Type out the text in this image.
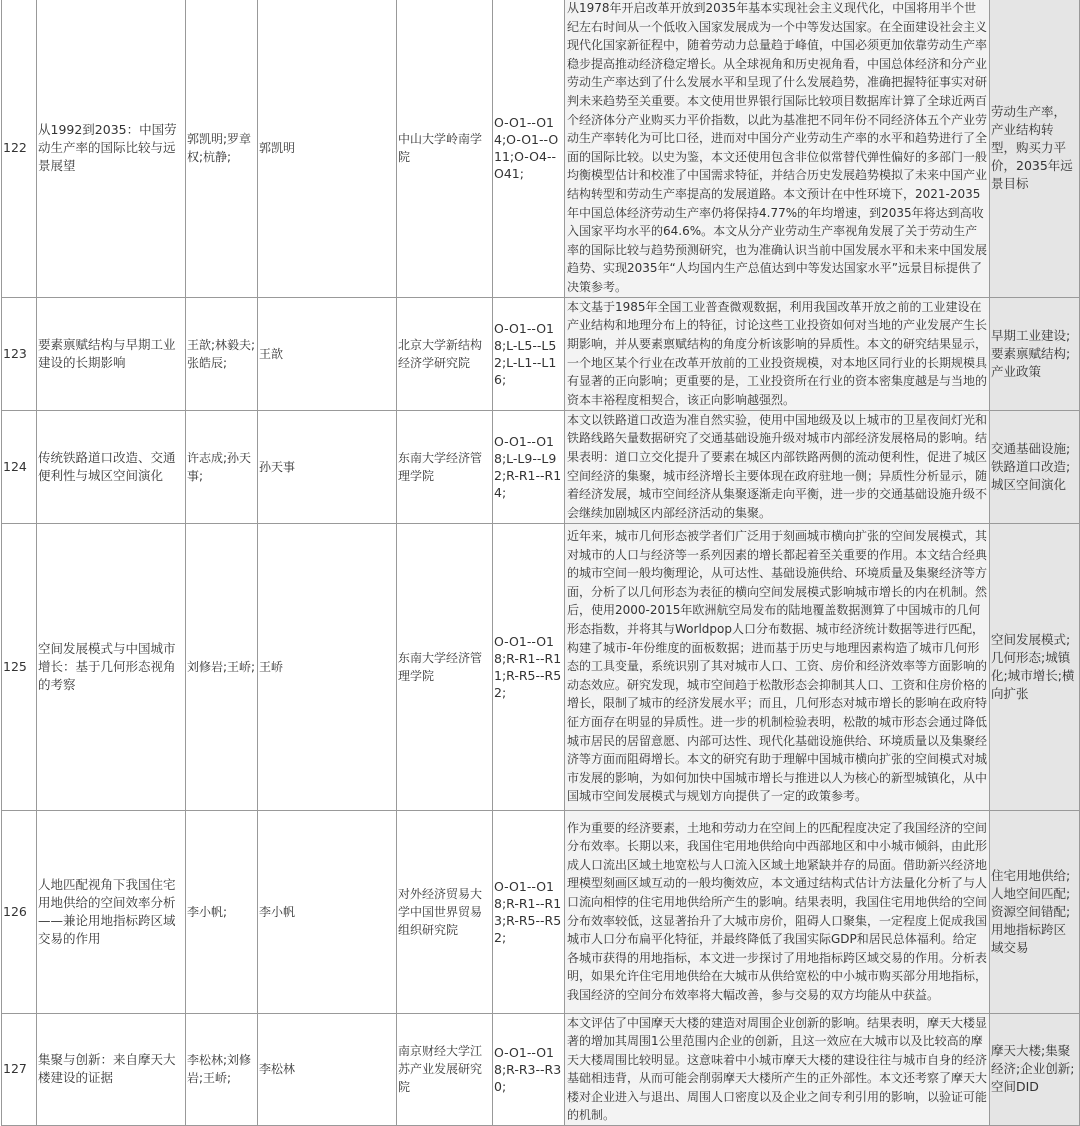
122	从1992到2035：中国劳动生产率的国际比较与远景展望	郭凯明;罗章权;杭静;	郭凯明	中山大学岭南学院	O-O1--O14;O-O1--O11;O-O4--O41;	从1978年开启改革开放到2035年基本实现社会主义现代化，中国将用半个世纪左右时间从一个低收入国家发展成为一个中等发达国家。在全面建设社会主义现代化国家新征程中，随着劳动力总量趋于峰值，中国必须更加依靠劳动生产率稳步提高推动经济稳定增长。从全球视角和历史视角看，中国总体经济和分产业劳动生产率达到了什么发展水平和呈现了什么发展趋势，准确把握特征事实对研判未来趋势至关重要。本文使用世界银行国际比较项目数据库计算了全球近两百个经济体分产业购买力平价指数，以此为基准把不同年份不同经济体五个产业劳动生产率转化为可比口径，进而对中国分产业劳动生产率的水平和趋势进行了全面的国际比较。以史为鉴，本文还使用包含非位似常替代弹性偏好的多部门一般均衡模型估计和校准了中国需求特征，并结合历史发展趋势模拟了未来中国产业结构转型和劳动生产率提高的发展道路。本文预计在中性环境下，2021-2035年中国总体经济劳动生产率仍将保持4.77%的年均增速，到2035年将达到高收入国家平均水平的64.6%。本文从分产业劳动生产率视角发展了关于劳动生产率的国际比较与趋势预测研究，也为准确认识当前中国发展水平和未来中国发展趋势、实现2035年“人均国内生产总值达到中等发达国家水平”远景目标提供了决策参考。	劳动生产率，产业结构转型，购买力平价，2035年远景目标
123	要素禀赋结构与早期工业建设的长期影响	王歆;林毅夫;张皓辰;	王歆	北京大学新结构经济学研究院	O-O1--O18;L-L5--L52;L-L1--L16;	本文基于1985年全国工业普查微观数据，利用我国改革开放之前的工业建设在产业结构和地理分布上的特征，讨论这些工业投资如何对当地的产业发展产生长期影响，并从要素禀赋结构的角度分析该影响的异质性。本文的研究结果显示，一个地区某个行业在改革开放前的工业投资规模，对本地区同行业的长期规模具有显著的正向影响；更重要的是，工业投资所在行业的资本密集度越是与当地的资本丰裕程度相契合，该正向影响越强烈。	早期工业建设;要素禀赋结构;产业政策
124	传统铁路道口改造、交通便利性与城区空间演化	许志成;孙天事;	孙天事	东南大学经济管理学院	O-O1--O18;L-L9--L92;R-R1--R14;	本文以铁路道口改造为准自然实验，使用中国地级及以上城市的卫星夜间灯光和铁路线路矢量数据研究了交通基础设施升级对城市内部经济发展格局的影响。结果表明：道口立交化提升了要素在城区内部铁路两侧的流动便利性，促进了城区空间经济的集聚，城市经济增长主要体现在政府驻地一侧；异质性分析显示，随着经济发展，城市空间经济从集聚逐渐走向平衡，进一步的交通基础设施升级不会继续加剧城区内部经济活动的集聚。	交通基础设施;铁路道口改造;城区空间演化
125	空间发展模式与中国城市增长：基于几何形态视角的考察	刘修岩;王峤;	王峤	东南大学经济管理学院	O-O1--O18;R-R1--R11;R-R5--R52;	近年来，城市几何形态被学者们广泛用于刻画城市横向扩张的空间发展模式，其对城市的人口与经济等一系列因素的增长都起着至关重要的作用。本文结合经典的城市空间一般均衡理论，从可达性、基础设施供给、环境质量及集聚经济等方面，分析了以几何形态为表征的横向空间发展模式影响城市增长的内在机制。然后，使用2000-2015年欧洲航空局发布的陆地覆盖数据测算了中国城市的几何形态指数，并将其与Worldpop人口分布数据、城市经济统计数据等进行匹配，构建了城市-年份维度的面板数据；进而基于历史与地理因素构造了城市几何形态的工具变量，系统识别了其对城市人口、工资、房价和经济效率等方面影响的动态效应。研究发现，城市空间趋于松散形态会抑制其人口、工资和住房价格的增长，限制了城市的经济发展水平；而且，几何形态对城市增长的影响在政府特征方面存在明显的异质性。进一步的机制检验表明，松散的城市形态会通过降低城市居民的居留意愿、内部可达性、现代化基础设施供给、环境质量以及集聚经济等方面而阻碍增长。本文的研究有助于理解中国城市横向扩张的空间模式对城市发展的影响，为如何加快中国城市增长与推进以人为核心的新型城镇化，从中国城市空间发展模式与规划方向提供了一定的政策参考。	空间发展模式;几何形态;城镇化;城市增长;横向扩张
126	人地匹配视角下我国住宅用地供给的空间效率分析——兼论用地指标跨区域交易的作用	李小帆;	李小帆	对外经济贸易大学中国世界贸易组织研究院	O-O1--O18;R-R1--R13;R-R5--R52;	作为重要的经济要素，土地和劳动力在空间上的匹配程度决定了我国经济的空间分布效率。长期以来，我国住宅用地供给向中西部地区和中小城市倾斜，由此形成人口流出区域土地宽松与人口流入区域土地紧缺并存的局面。借助新兴经济地理模型刻画区域互动的一般均衡效应，本文通过结构式估计方法量化分析了与人口流向相悖的住宅用地供给所产生的影响。结果表明，我国住宅用地供给的空间分布效率较低，这显著抬升了大城市房价，阻碍人口聚集，一定程度上促成我国城市人口分布扁平化特征，并最终降低了我国实际GDP和居民总体福利。给定各城市获得的用地指标，本文进一步探讨了用地指标跨区域交易的作用。分析表明，如果允许住宅用地供给在大城市从供给宽松的中小城市购买部分用地指标，我国经济的空间分布效率将大幅改善，参与交易的双方均能从中获益。	住宅用地供给;人地空间匹配;资源空间错配;用地指标跨区域交易
127	集聚与创新：来自摩天大楼建设的证据	李松林;刘修岩;王峤;	李松林	南京财经大学江苏产业发展研究院	O-O1--O18;R-R3--R30;	本文评估了中国摩天大楼的建造对周围企业创新的影响。结果表明，摩天大楼显著的增加其周围1公里范围内企业的创新，且这一效应在大城市以及比较高的摩天大楼周围比较明显。这意味着中小城市摩天大楼的建设往往与城市自身的经济基础相违背，从而可能会削弱摩天大楼所产生的正外部性。本文还考察了摩天大楼对企业进入与退出、周围人口密度以及企业之间专利引用的影响，以验证可能的机制。	摩天大楼;集聚经济;企业创新;空间DID
